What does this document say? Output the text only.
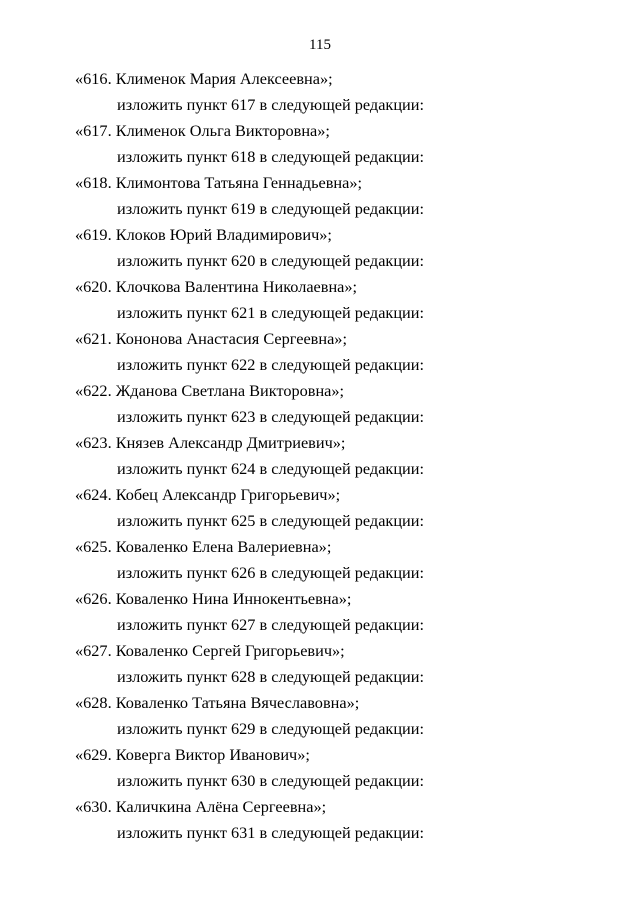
115
«616. Клименок Мария Алексеевна»;
изложить пункт 617 в следующей редакции:
«617. Клименок Ольга Викторовна»;
изложить пункт 618 в следующей редакции:
«618. Климонтова Татьяна Геннадьевна»;
изложить пункт 619 в следующей редакции:
«619. Клоков Юрий Владимирович»;
изложить пункт 620 в следующей редакции:
«620. Клочкова Валентина Николаевна»;
изложить пункт 621 в следующей редакции:
«621. Кононова Анастасия Сергеевна»;
изложить пункт 622 в следующей редакции:
«622. Жданова Светлана Викторовна»;
изложить пункт 623 в следующей редакции:
«623. Князев Александр Дмитриевич»;
изложить пункт 624 в следующей редакции:
«624. Кобец Александр Григорьевич»;
изложить пункт 625 в следующей редакции:
«625. Коваленко Елена Валериевна»;
изложить пункт 626 в следующей редакции:
«626. Коваленко Нина Иннокентьевна»;
изложить пункт 627 в следующей редакции:
«627. Коваленко Сергей Григорьевич»;
изложить пункт 628 в следующей редакции:
«628. Коваленко Татьяна Вячеславовна»;
изложить пункт 629 в следующей редакции:
«629. Коверга Виктор Иванович»;
изложить пункт 630 в следующей редакции:
«630. Каличкина Алёна Сергеевна»;
изложить пункт 631 в следующей редакции:
